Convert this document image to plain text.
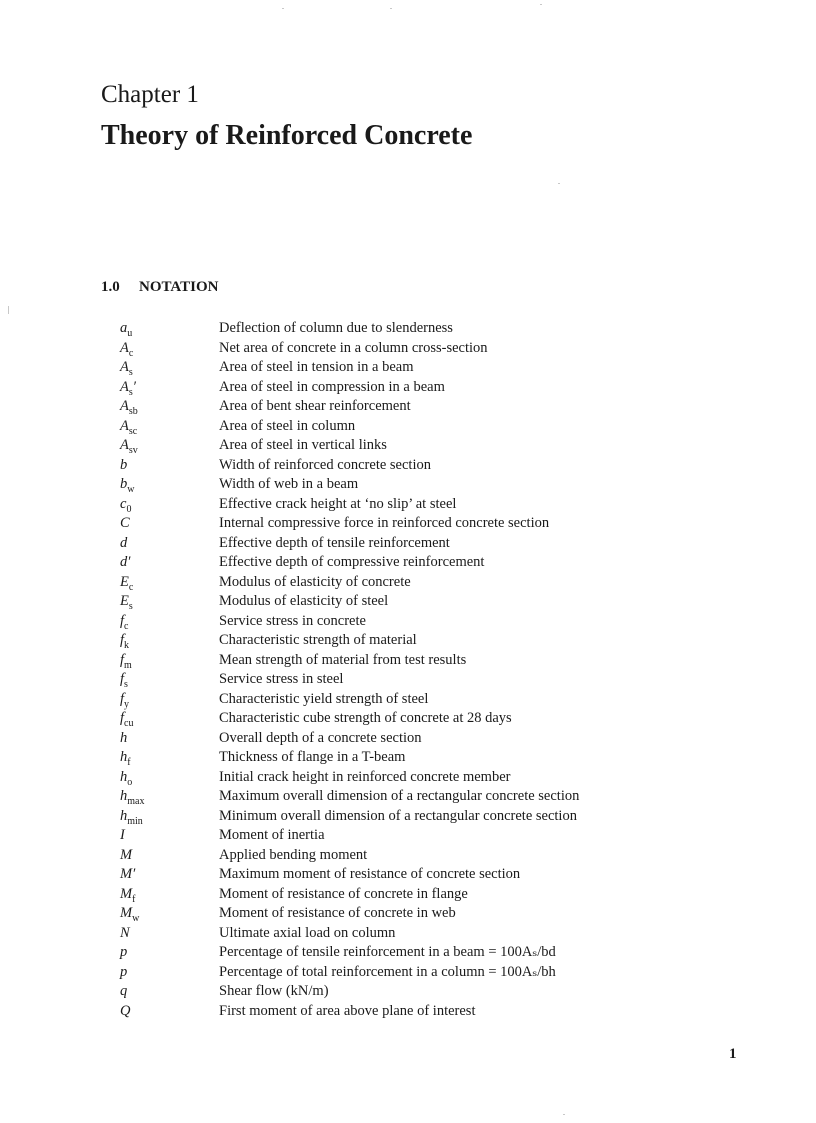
Chapter 1
Theory of Reinforced Concrete
1.0 NOTATION
$a_u$	Deflection of column due to slenderness
$A_c$	Net area of concrete in a column cross-section
$A_s$	Area of steel in tension in a beam
$A_s'$	Area of steel in compression in a beam
$A_{sb}$	Area of bent shear reinforcement
$A_{sc}$	Area of steel in column
$A_{sv}$	Area of steel in vertical links
b	Width of reinforced concrete section
$b_w$	Width of web in a beam
$c_0$	Effective crack height at ‘no slip’ at steel
C	Internal compressive force in reinforced concrete section
d	Effective depth of tensile reinforcement
d′	Effective depth of compressive reinforcement
$E_c$	Modulus of elasticity of concrete
$E_s$	Modulus of elasticity of steel
$f_c$	Service stress in concrete
$f_k$	Characteristic strength of material
$f_m$	Mean strength of material from test results
$f_s$	Service stress in steel
$f_y$	Characteristic yield strength of steel
$f_{cu}$	Characteristic cube strength of concrete at 28 days
h	Overall depth of a concrete section
$h_f$	Thickness of flange in a T-beam
$h_o$	Initial crack height in reinforced concrete member
$h_{max}$	Maximum overall dimension of a rectangular concrete section
$h_{min}$	Minimum overall dimension of a rectangular concrete section
I	Moment of inertia
M	Applied bending moment
M′	Maximum moment of resistance of concrete section
$M_f$	Moment of resistance of concrete in flange
$M_w$	Moment of resistance of concrete in web
N	Ultimate axial load on column
p	Percentage of tensile reinforcement in a beam = 100Aₛ/bd
p	Percentage of total reinforcement in a column = 100Aₛ/bh
q	Shear flow (kN/m)
Q	First moment of area above plane of interest
1
